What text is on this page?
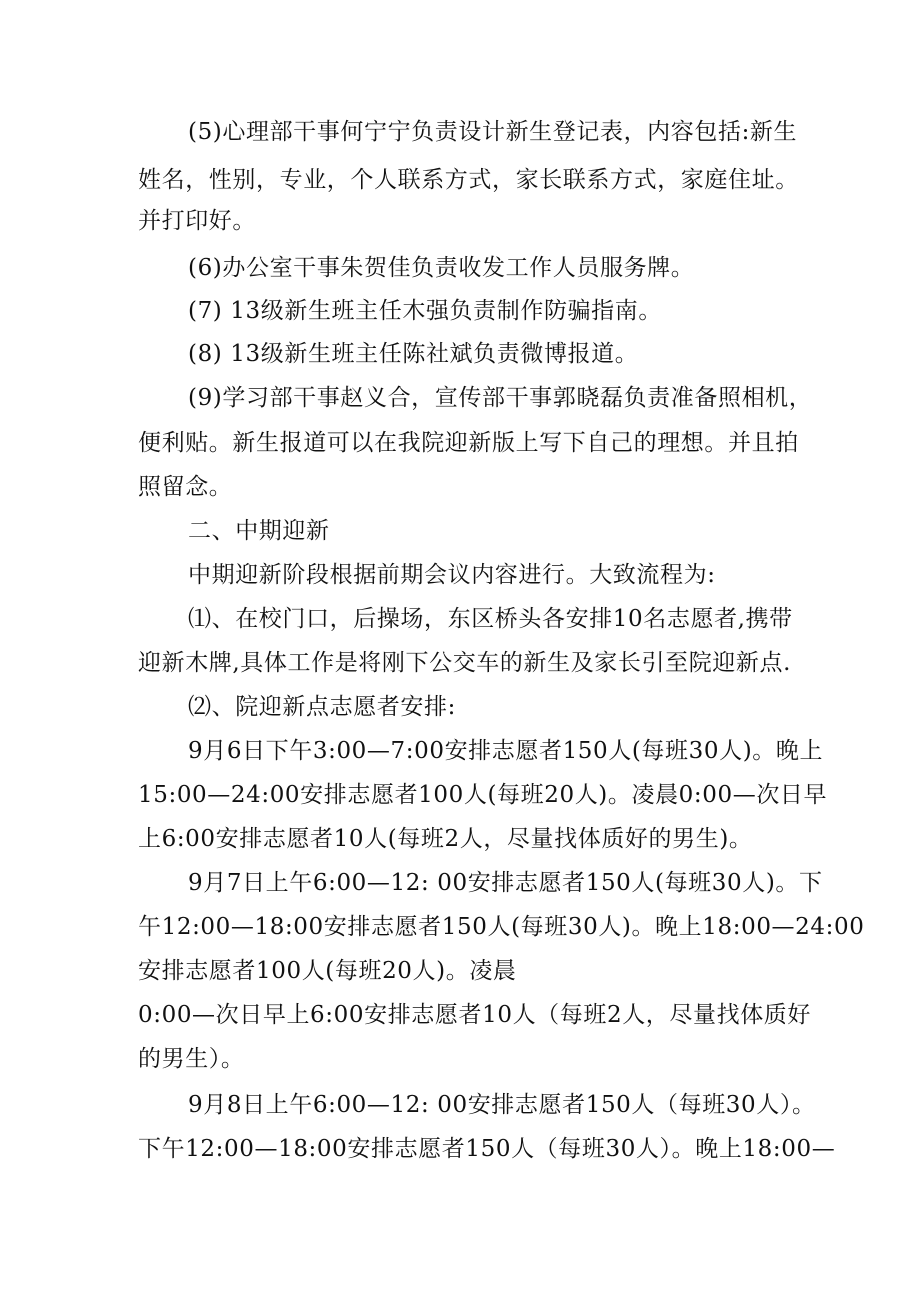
(5)心理部干事何宁宁负责设计新生登记表，内容包括:新生
姓名，性别，专业，个人联系方式，家长联系方式，家庭住址。
并打印好。
(6)办公室干事朱贺佳负责收发工作人员服务牌。
(7) 13级新生班主任木强负责制作防骗指南。
(8) 13级新生班主任陈社斌负责微博报道。
(9)学习部干事赵义合，宣传部干事郭晓磊负责准备照相机，
便利贴。新生报道可以在我院迎新版上写下自己的理想。并且拍
照留念。
二、中期迎新
中期迎新阶段根据前期会议内容进行。大致流程为:
⑴、在校门口，后操场，东区桥头各安排10名志愿者,携带
迎新木牌,具体工作是将刚下公交车的新生及家长引至院迎新点.
⑵、院迎新点志愿者安排:
9月6日下午3:00—7:00安排志愿者150人(每班30人)。晚上
15:00—24:00安排志愿者100人(每班20人)。凌晨0:00—次日早
上6:00安排志愿者10人(每班2人，尽量找体质好的男生)。
9月7日上午6:00—12: 00安排志愿者150人(每班30人)。下
午12:00—18:00安排志愿者150人(每班30人)。晚上18:00—24:00
安排志愿者100人(每班20人)。凌晨
0:00—次日早上6:00安排志愿者10人（每班2人，尽量找体质好
的男生）。
9月8日上午6:00—12: 00安排志愿者150人（每班30人）。
下午12:00—18:00安排志愿者150人（每班30人）。晚上18:00—
